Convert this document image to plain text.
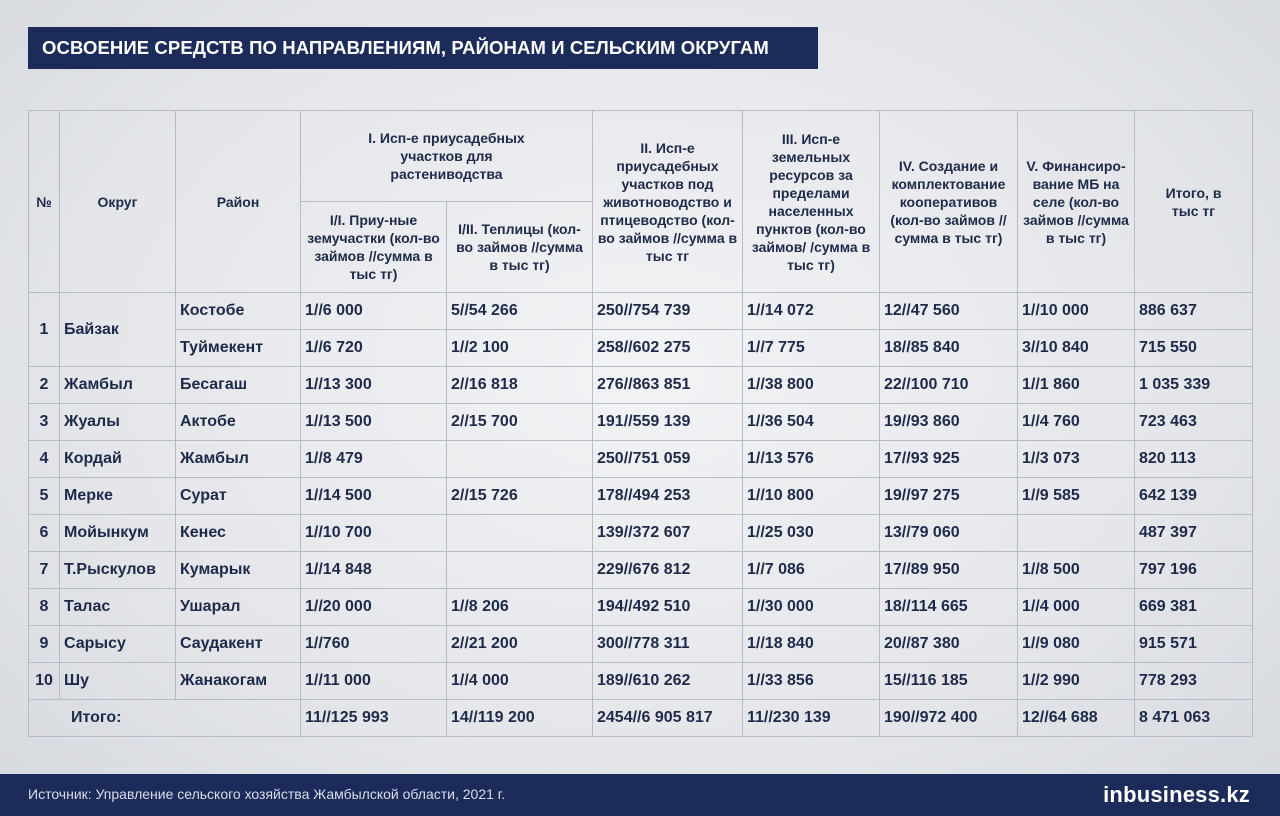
ОСВОЕНИЕ СРЕДСТВ ПО НАПРАВЛЕНИЯМ, РАЙОНАМ И СЕЛЬСКИМ ОКРУГАМ
№	Округ	Район	I. Исп-е приусадебных участков для растениводства		II. Исп-е приусадебных участков под животноводство и птицеводство (кол-во займов //сумма в тыс тг	III. Исп-е земельных ресурсов за пределами населенных пунктов (кол-во займов/ /сумма в тыс тг)	IV. Создание и комплектование кооперативов (кол-во займов //сумма в тыс тг)	V. Финансиро-вание МБ на селе (кол-во займов //сумма в тыс тг)	Итого, в тыс тг
			I/I. Приу-ные земучастки (кол-во займов //сумма в тыс тг)	I/II. Теплицы (кол-во займов //сумма в тыс тг)					
1	Байзак	Костобе	1//6 000	5//54 266	250//754 739	1//14 072	12//47 560	1//10 000	886 637
		Туймекент	1//6 720	1//2 100	258//602 275	1//7 775	18//85 840	3//10 840	715 550
2	Жамбыл	Бесагаш	1//13 300	2//16 818	276//863 851	1//38 800	22//100 710	1//1 860	1 035 339
3	Жуалы	Актобе	1//13 500	2//15 700	191//559 139	1//36 504	19//93 860	1//4 760	723 463
4	Кордай	Жамбыл	1//8 479		250//751 059	1//13 576	17//93 925	1//3 073	820 113
5	Мерке	Сурат	1//14 500	2//15 726	178//494 253	1//10 800	19//97 275	1//9 585	642 139
6	Мойынкум	Кенес	1//10 700		139//372 607	1//25 030	13//79 060		487 397
7	Т.Рыскулов	Кумарык	1//14 848		229//676 812	1//7 086	17//89 950	1//8 500	797 196
8	Талас	Ушарал	1//20 000	1//8 206	194//492 510	1//30 000	18//114 665	1//4 000	669 381
9	Сарысу	Саудакент	1//760	2//21 200	300//778 311	1//18 840	20//87 380	1//9 080	915 571
10	Шу	Жанакогам	1//11 000	1//4 000	189//610 262	1//33 856	15//116 185	1//2 990	778 293
Итого:			11//125 993	14//119 200	2454//6 905 817	11//230 139	190//972 400	12//64 688	8 471 063
Источник: Управление сельского хозяйства Жамбылской области, 2021 г.	inbusiness.kz
